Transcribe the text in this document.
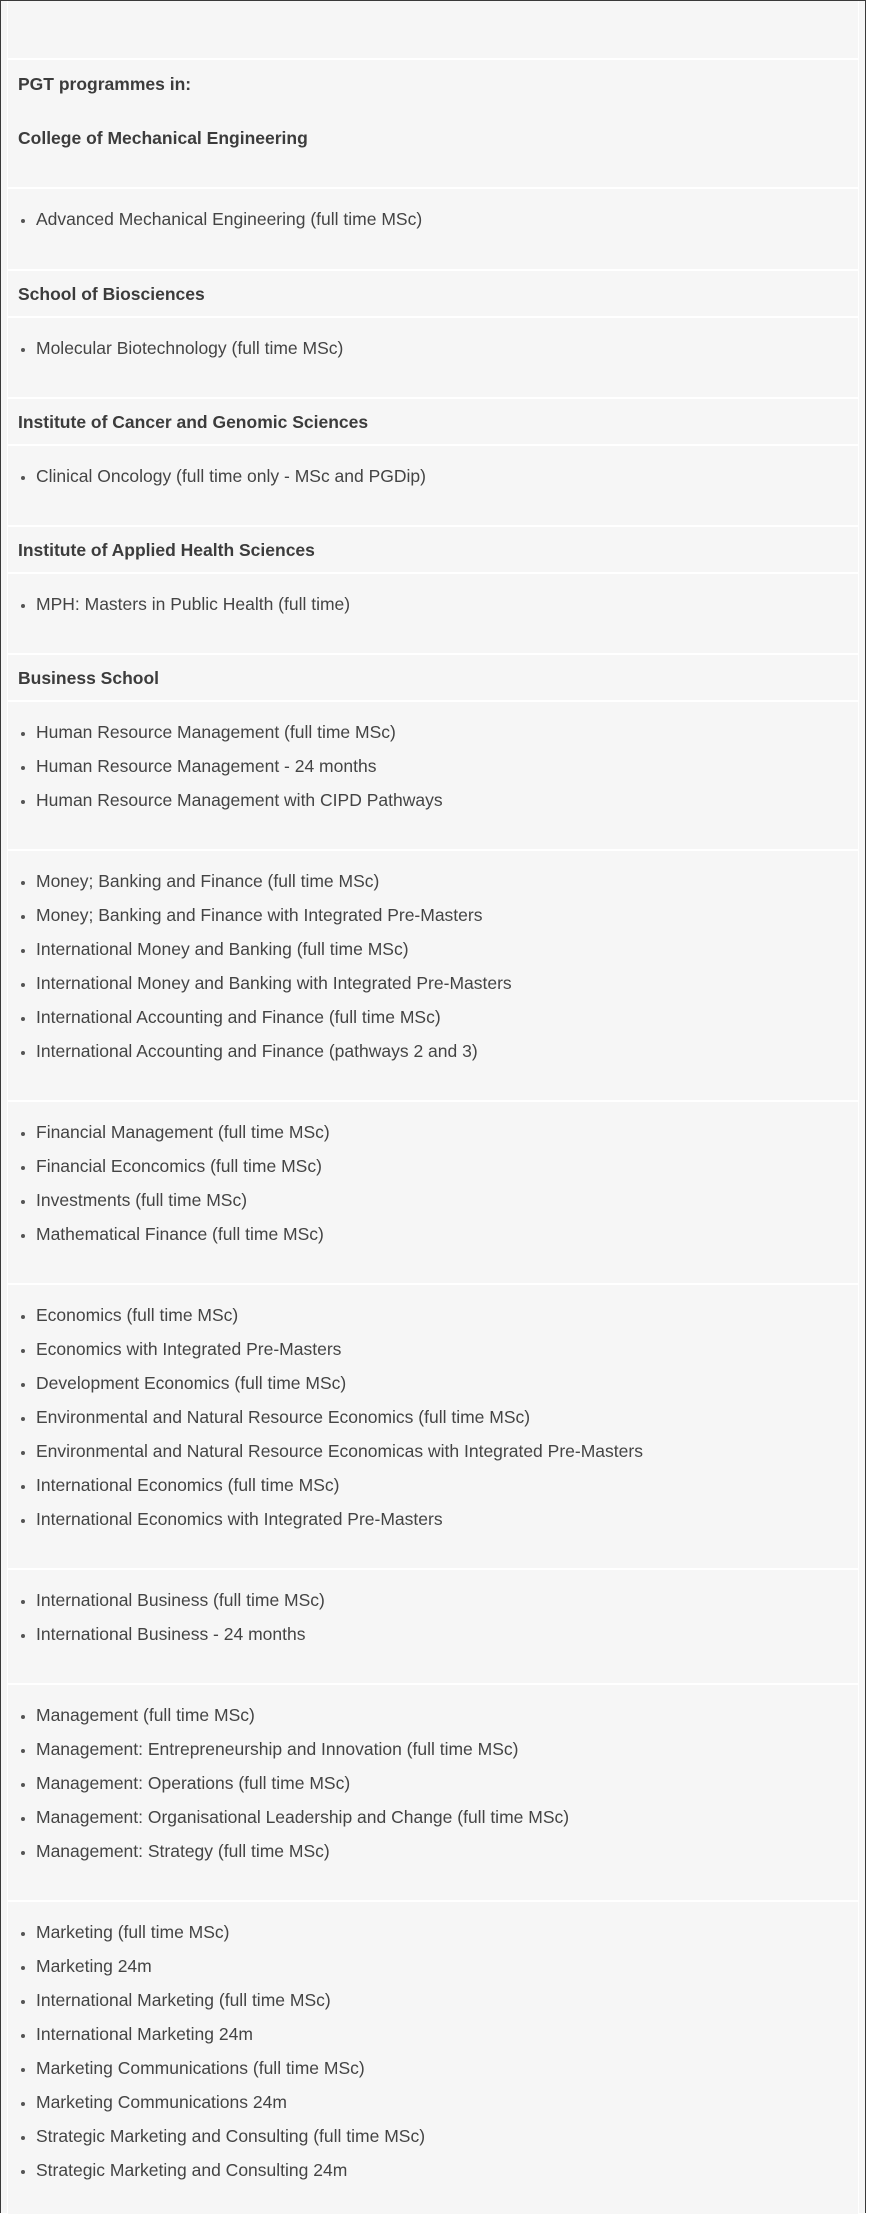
PGT programmes in:

College of Mechanical Engineering

• Advanced Mechanical Engineering (full time MSc)

School of Biosciences

• Molecular Biotechnology (full time MSc)

Institute of Cancer and Genomic Sciences

• Clinical Oncology (full time only - MSc and PGDip)

Institute of Applied Health Sciences

• MPH: Masters in Public Health (full time)

Business School

• Human Resource Management (full time MSc)
• Human Resource Management - 24 months
• Human Resource Management with CIPD Pathways
• Money; Banking and Finance (full time MSc)
• Money; Banking and Finance with Integrated Pre-Masters
• International Money and Banking (full time MSc)
• International Money and Banking with Integrated Pre-Masters
• International Accounting and Finance (full time MSc)
• International Accounting and Finance (pathways 2 and 3)
• Financial Management (full time MSc)
• Financial Econcomics (full time MSc)
• Investments (full time MSc)
• Mathematical Finance (full time MSc)
• Economics (full time MSc)
• Economics with Integrated Pre-Masters
• Development Economics (full time MSc)
• Environmental and Natural Resource Economics (full time MSc)
• Environmental and Natural Resource Economicas with Integrated Pre-Masters
• International Economics (full time MSc)
• International Economics with Integrated Pre-Masters
• International Business (full time MSc)
• International Business - 24 months
• Management (full time MSc)
• Management: Entrepreneurship and Innovation (full time MSc)
• Management: Operations (full time MSc)
• Management: Organisational Leadership and Change (full time MSc)
• Management: Strategy (full time MSc)
• Marketing (full time MSc)
• Marketing 24m
• International Marketing (full time MSc)
• International Marketing 24m
• Marketing Communications (full time MSc)
• Marketing Communications 24m
• Strategic Marketing and Consulting (full time MSc)
• Strategic Marketing and Consulting 24m
